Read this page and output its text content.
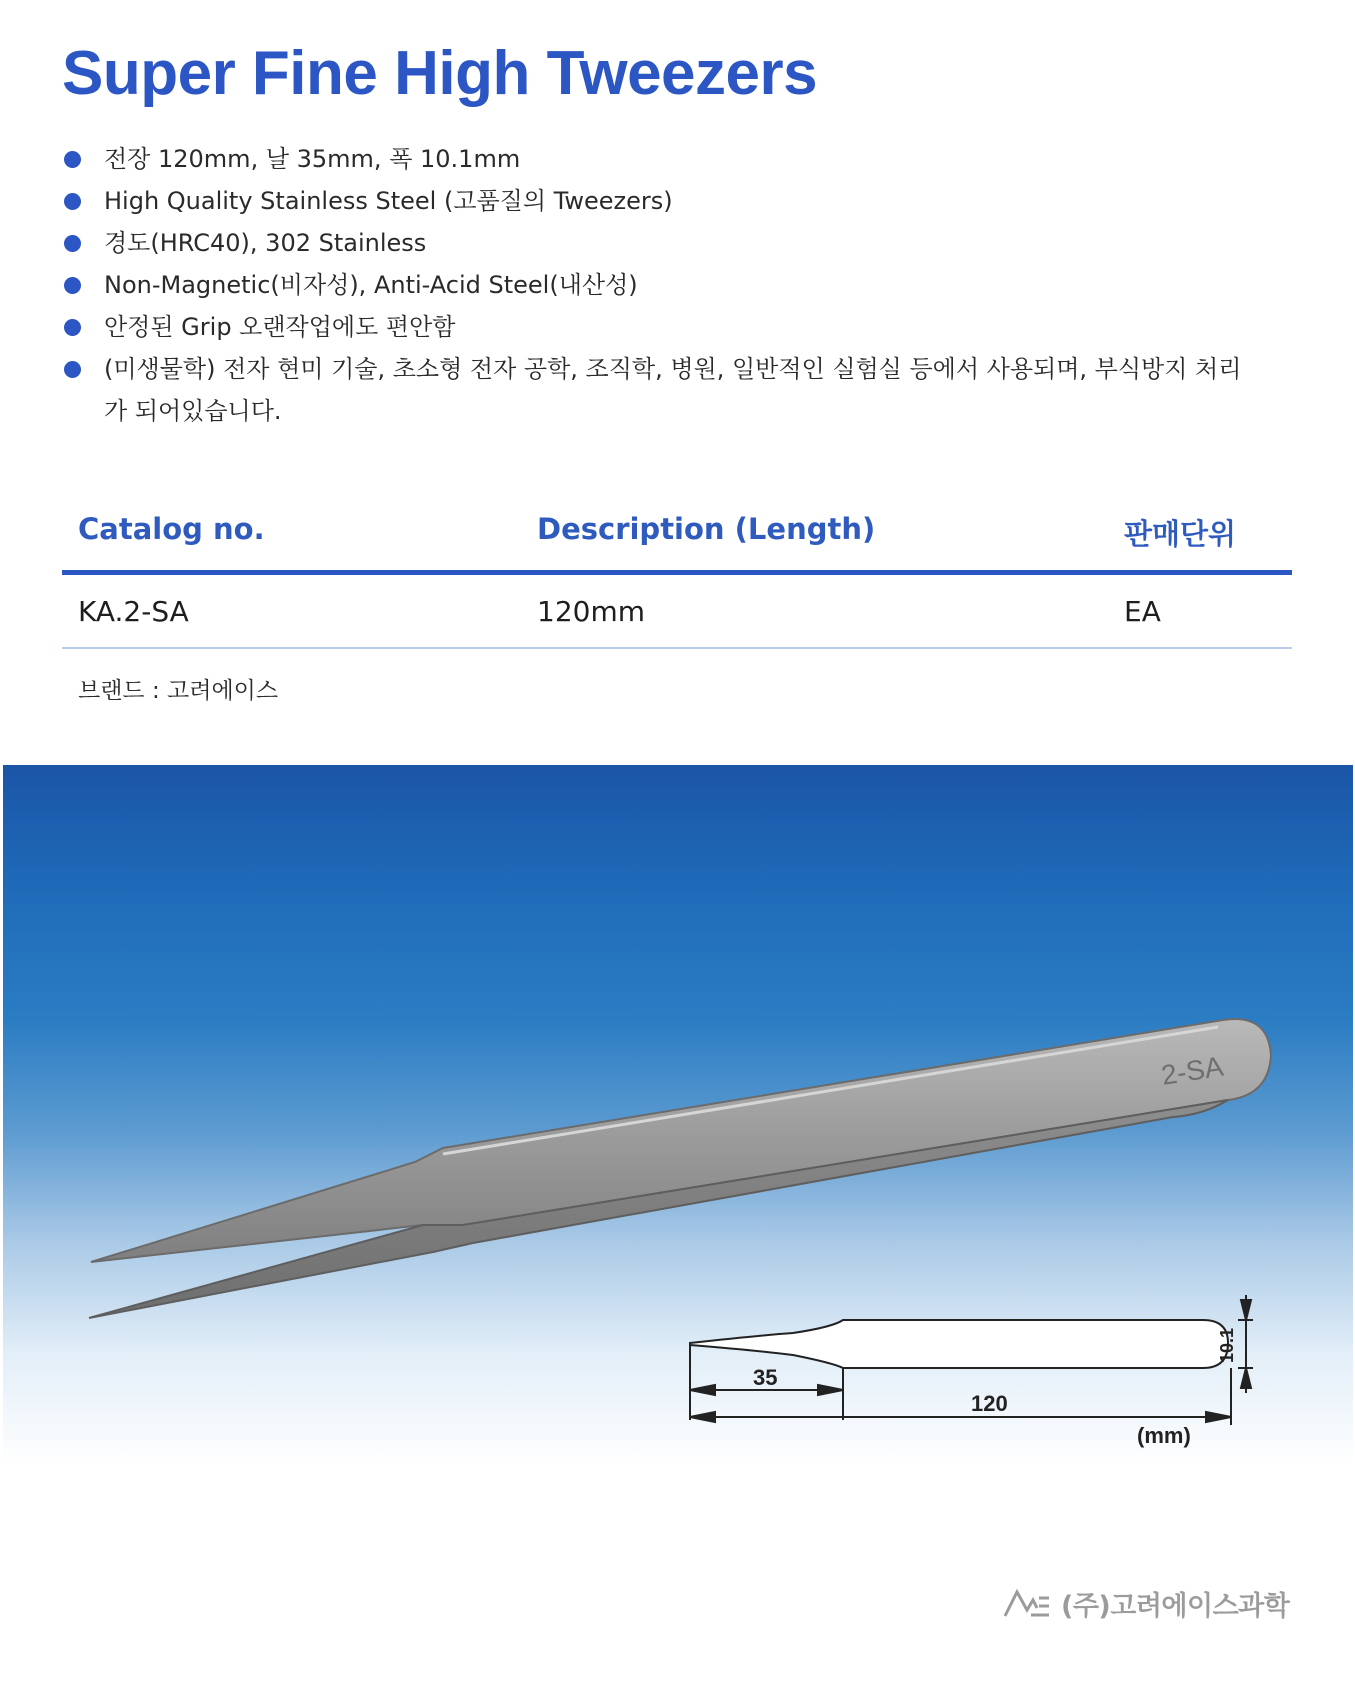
Super Fine High Tweezers
전장 120mm, 날 35mm, 폭 10.1mm
High Quality Stainless Steel (고품질의 Tweezers)
경도(HRC40), 302 Stainless
Non-Magnetic(비자성), Anti-Acid Steel(내산성)
안정된 Grip 오랜작업에도 편안함
(미생물학) 전자 현미 기술, 초소형 전자 공학, 조직학, 병원, 일반적인 실험실 등에서 사용되며, 부식방지 처리가 되어있습니다.
Catalog no.	Description (Length)	판매단위
KA.2-SA	120mm	EA
브랜드 : 고려에이스
2-SA
35
120
10.1
(mm)
(주)고려에이스과학
